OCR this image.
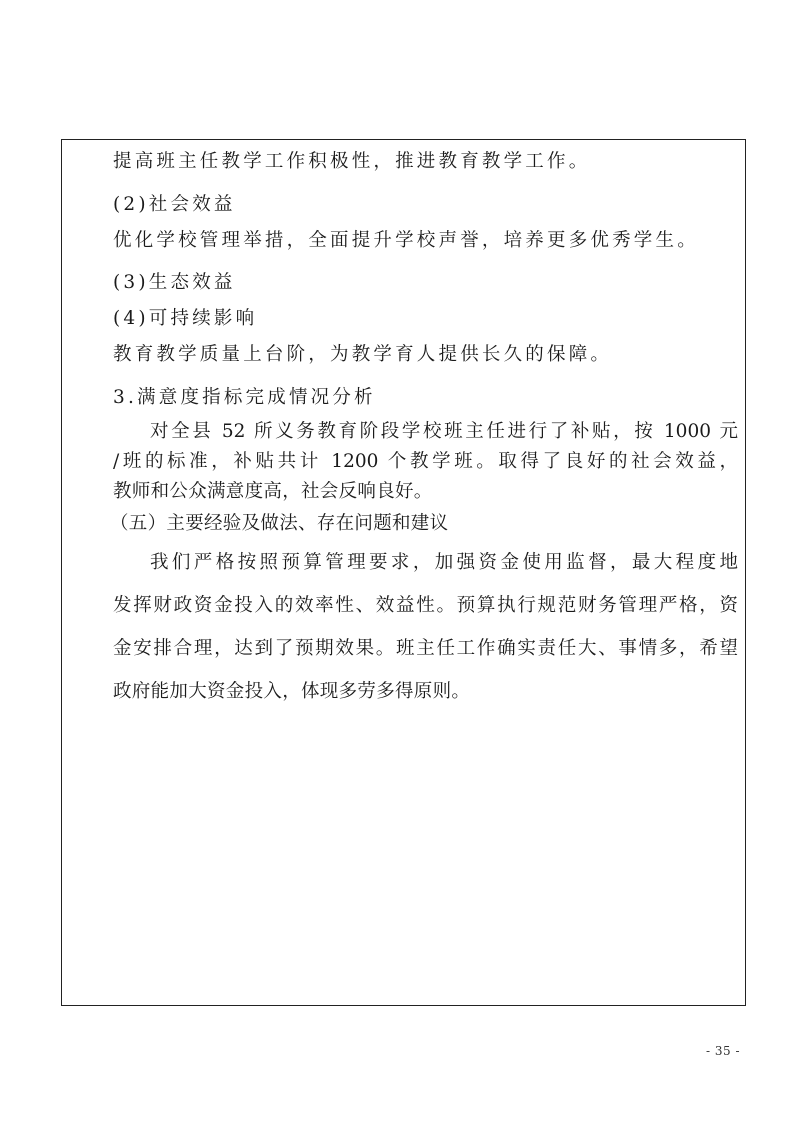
提高班主任教学工作积极性，推进教育教学工作。
(2)社会效益
优化学校管理举措，全面提升学校声誉，培养更多优秀学生。
(3)生态效益
(4)可持续影响
教育教学质量上台阶，为教学育人提供长久的保障。
3.满意度指标完成情况分析
对全县 52 所义务教育阶段学校班主任进行了补贴，按 1000 元
/班的标准，补贴共计 1200 个教学班。取得了良好的社会效益，
教师和公众满意度高，社会反响良好。
（五）主要经验及做法、存在问题和建议
我们严格按照预算管理要求，加强资金使用监督，最大程度地
发挥财政资金投入的效率性、效益性。预算执行规范财务管理严格，资
金安排合理，达到了预期效果。班主任工作确实责任大、事情多，希望
政府能加大资金投入，体现多劳多得原则。
- 35 -
